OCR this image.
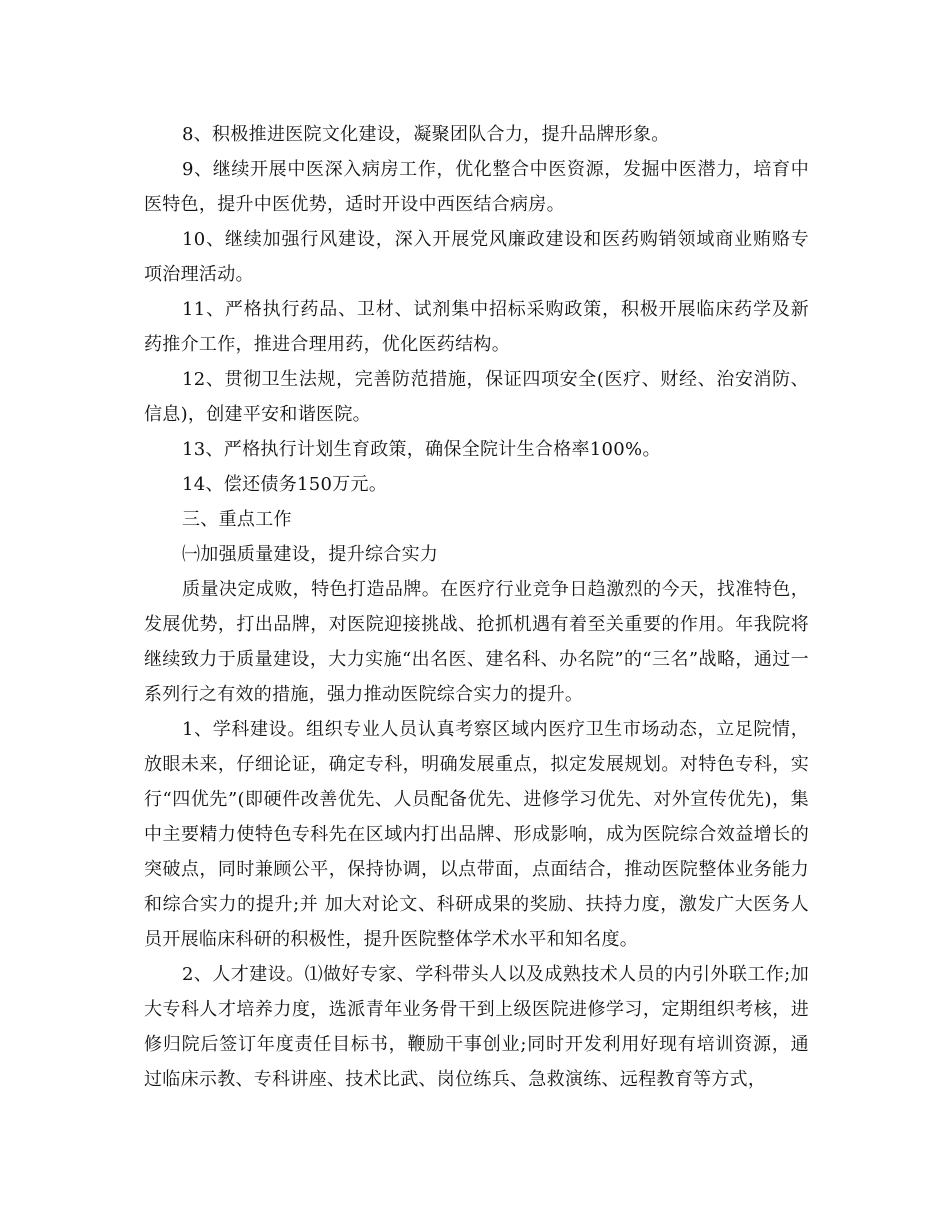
8、积极推进医院文化建设，凝聚团队合力，提升品牌形象。

9、继续开展中医深入病房工作，优化整合中医资源，发掘中医潜力，培育中医特色，提升中医优势，适时开设中西医结合病房。

10、继续加强行风建设，深入开展党风廉政建设和医药购销领域商业贿赂专项治理活动。

11、严格执行药品、卫材、试剂集中招标采购政策，积极开展临床药学及新药推介工作，推进合理用药，优化医药结构。

12、贯彻卫生法规，完善防范措施，保证四项安全(医疗、财经、治安消防、信息)，创建平安和谐医院。

13、严格执行计划生育政策，确保全院计生合格率100%。

14、偿还债务150万元。

三、重点工作

㈠加强质量建设，提升综合实力

质量决定成败，特色打造品牌。在医疗行业竞争日趋激烈的今天，找准特色，发展优势，打出品牌，对医院迎接挑战、抢抓机遇有着至关重要的作用。年我院将继续致力于质量建设，大力实施“出名医、建名科、办名院”的“三名”战略，通过一系列行之有效的措施，强力推动医院综合实力的提升。

1、学科建设。组织专业人员认真考察区域内医疗卫生市场动态，立足院情，放眼未来，仔细论证，确定专科，明确发展重点，拟定发展规划。对特色专科，实行“四优先”(即硬件改善优先、人员配备优先、进修学习优先、对外宣传优先)，集中主要精力使特色专科先在区域内打出品牌、形成影响，成为医院综合效益增长的突破点，同时兼顾公平，保持协调，以点带面，点面结合，推动医院整体业务能力和综合实力的提升;并 加大对论文、科研成果的奖励、扶持力度，激发广大医务人员开展临床科研的积极性，提升医院整体学术水平和知名度。

2、人才建设。⑴做好专家、学科带头人以及成熟技术人员的内引外联工作;加大专科人才培养力度，选派青年业务骨干到上级医院进修学习，定期组织考核，进修归院后签订年度责任目标书，鞭励干事创业;同时开发利用好现有培训资源，通过临床示教、专科讲座、技术比武、岗位练兵、急救演练、远程教育等方式，
